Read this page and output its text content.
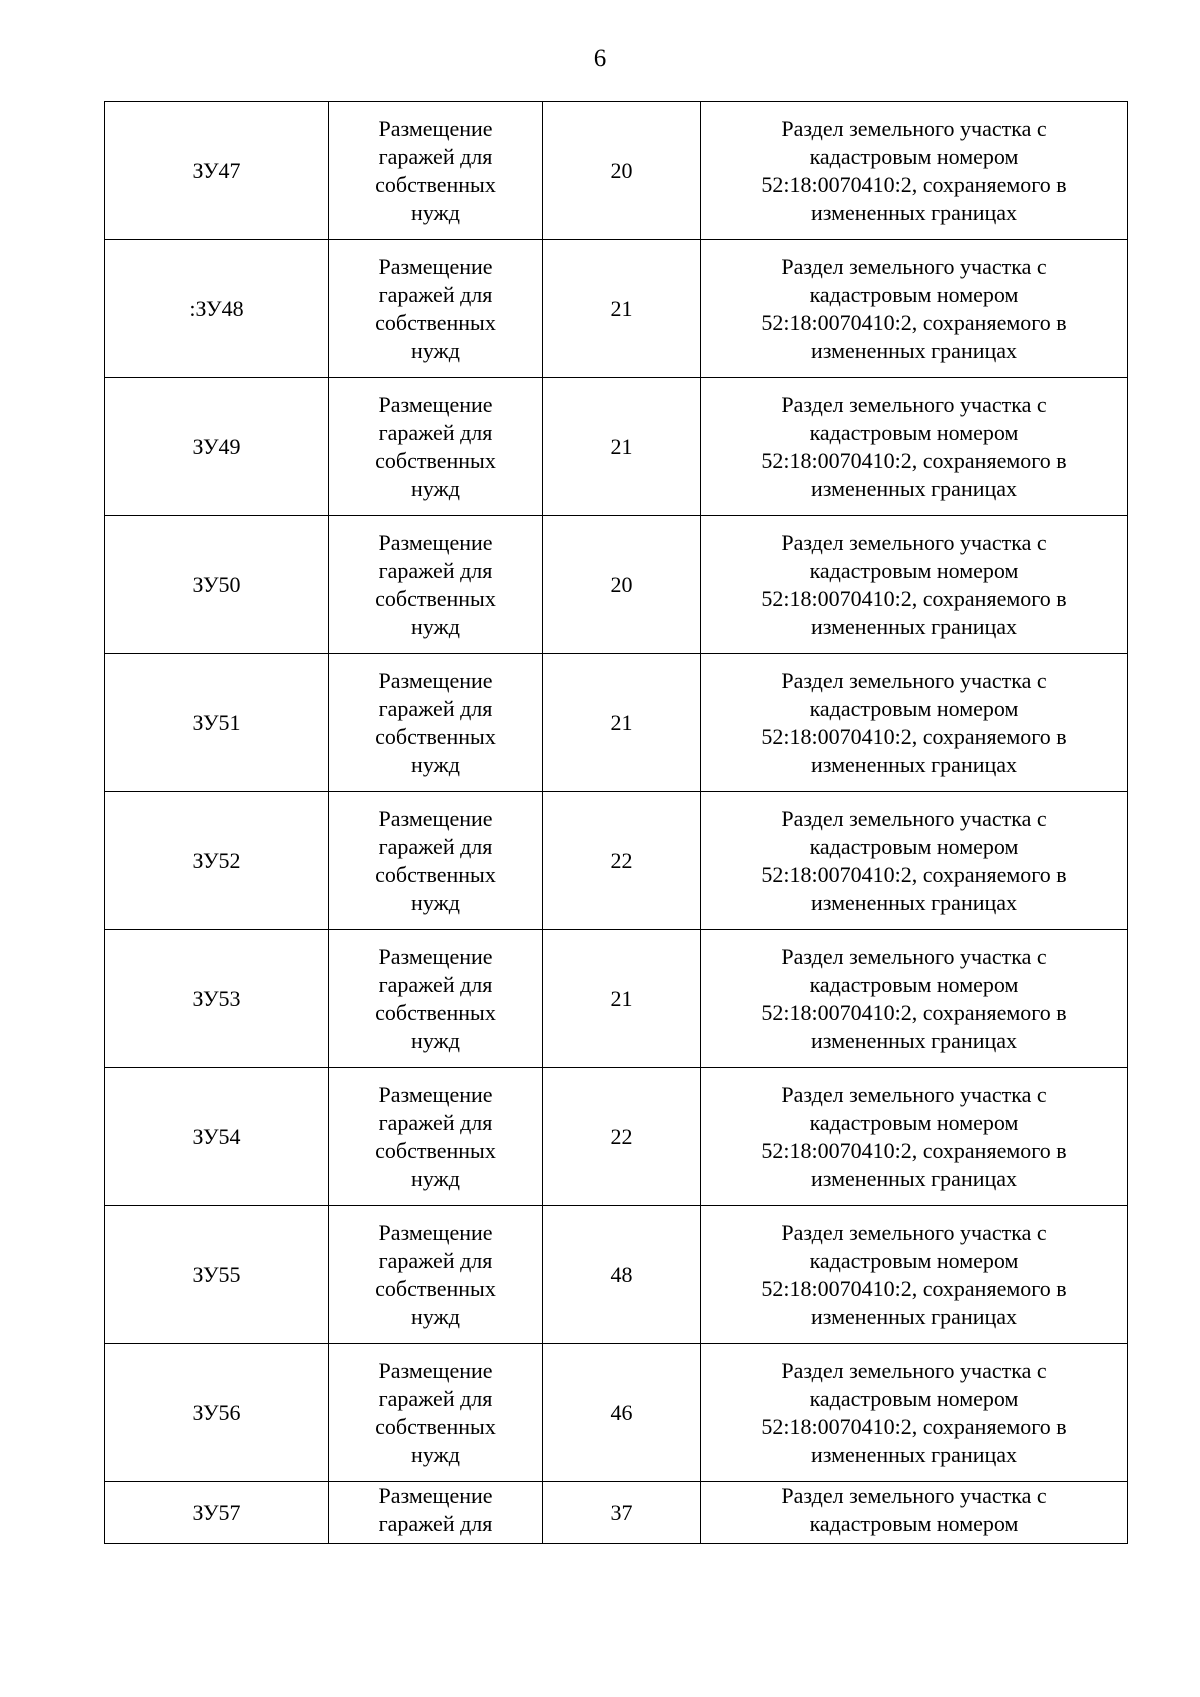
6
ЗУ47	Размещение гаражей для собственных нужд	20	Раздел земельного участка с кадастровым номером 52:18:0070410:2, сохраняемого в измененных границах
:ЗУ48	Размещение гаражей для собственных нужд	21	Раздел земельного участка с кадастровым номером 52:18:0070410:2, сохраняемого в измененных границах
ЗУ49	Размещение гаражей для собственных нужд	21	Раздел земельного участка с кадастровым номером 52:18:0070410:2, сохраняемого в измененных границах
ЗУ50	Размещение гаражей для собственных нужд	20	Раздел земельного участка с кадастровым номером 52:18:0070410:2, сохраняемого в измененных границах
ЗУ51	Размещение гаражей для собственных нужд	21	Раздел земельного участка с кадастровым номером 52:18:0070410:2, сохраняемого в измененных границах
ЗУ52	Размещение гаражей для собственных нужд	22	Раздел земельного участка с кадастровым номером 52:18:0070410:2, сохраняемого в измененных границах
ЗУ53	Размещение гаражей для собственных нужд	21	Раздел земельного участка с кадастровым номером 52:18:0070410:2, сохраняемого в измененных границах
ЗУ54	Размещение гаражей для собственных нужд	22	Раздел земельного участка с кадастровым номером 52:18:0070410:2, сохраняемого в измененных границах
ЗУ55	Размещение гаражей для собственных нужд	48	Раздел земельного участка с кадастровым номером 52:18:0070410:2, сохраняемого в измененных границах
ЗУ56	Размещение гаражей для собственных нужд	46	Раздел земельного участка с кадастровым номером 52:18:0070410:2, сохраняемого в измененных границах
ЗУ57	Размещение гаражей для	37	Раздел земельного участка с кадастровым номером
